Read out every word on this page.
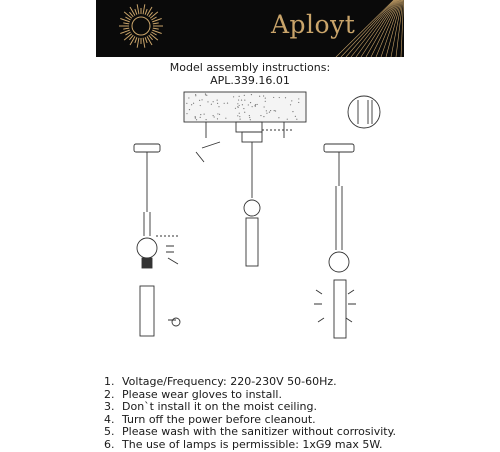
Aployt
Model assembly instructions:
APL.339.16.01
1. Voltage/Frequency: 220-230V 50-60Hz.
2. Please wear gloves to install.
3. Don`t install it on the moist ceiling.
4. Turn off the power before cleanout.
5. Please wash with the sanitizer without corrosivity.
6. The use of lamps is permissible: 1xG9 max 5W.
